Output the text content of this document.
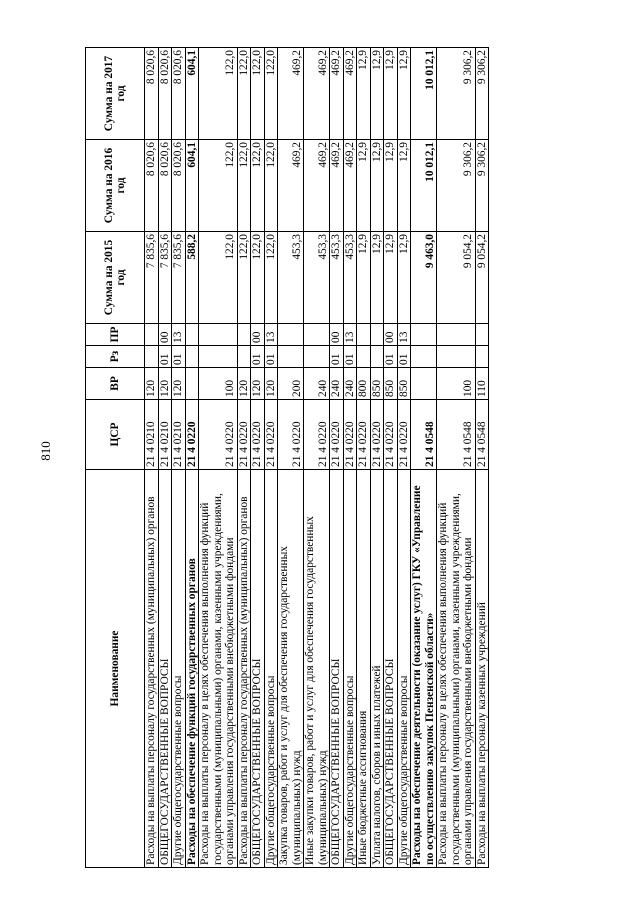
810
Наименование	ЦСР	ВР	Рз	ПР	Сумма на 2015 год	Сумма на 2016 год	Сумма на 2017 год
Расходы на выплаты персоналу государственных (муниципальных) органов	21 4 0210	120			7 835,6	8 020,6	8 020,6
ОБЩЕГОСУДАРСТВЕННЫЕ ВОПРОСЫ	21 4 0210	120	01	00	7 835,6	8 020,6	8 020,6
Другие общегосударственные вопросы	21 4 0210	120	01	13	7 835,6	8 020,6	8 020,6
Расходы на обеспечение функций государственных органов	21 4 0220				588,2	604,1	604,1
Расходы на выплаты персоналу в целях обеспечения выполнения функций государственными (муниципальными) органами, казенными учреждениями, органами управления государственными внебюджетными фондами	21 4 0220	100			122,0	122,0	122,0
Расходы на выплаты персоналу государственных (муниципальных) органов	21 4 0220	120			122,0	122,0	122,0
ОБЩЕГОСУДАРСТВЕННЫЕ ВОПРОСЫ	21 4 0220	120	01	00	122,0	122,0	122,0
Другие общегосударственные вопросы	21 4 0220	120	01	13	122,0	122,0	122,0
Закупка товаров, работ и услуг для обеспечения государственных (муниципальных) нужд	21 4 0220	200			453,3	469,2	469,2
Иные закупки товаров, работ и услуг для обеспечения государственных (муниципальных) нужд	21 4 0220	240			453,3	469,2	469,2
ОБЩЕГОСУДАРСТВЕННЫЕ ВОПРОСЫ	21 4 0220	240	01	00	453,3	469,2	469,2
Другие общегосударственные вопросы	21 4 0220	240	01	13	453,3	469,2	469,2
Иные бюджетные ассигнования	21 4 0220	800			12,9	12,9	12,9
Уплата налогов, сборов и иных платежей	21 4 0220	850			12,9	12,9	12,9
ОБЩЕГОСУДАРСТВЕННЫЕ ВОПРОСЫ	21 4 0220	850	01	00	12,9	12,9	12,9
Другие общегосударственные вопросы	21 4 0220	850	01	13	12,9	12,9	12,9
Расходы на обеспечение деятельности (оказание услуг) ГКУ «Управление по осуществлению закупок Пензенской области»	21 4 0548				9 463,0	10 012,1	10 012,1
Расходы на выплаты персоналу в целях обеспечения выполнения функций государственными (муниципальными) органами, казенными учреждениями, органами управления государственными внебюджетными фондами	21 4 0548	100			9 054,2	9 306,2	9 306,2
Расходы на выплаты персоналу казенных учреждений	21 4 0548	110			9 054,2	9 306,2	9 306,2
